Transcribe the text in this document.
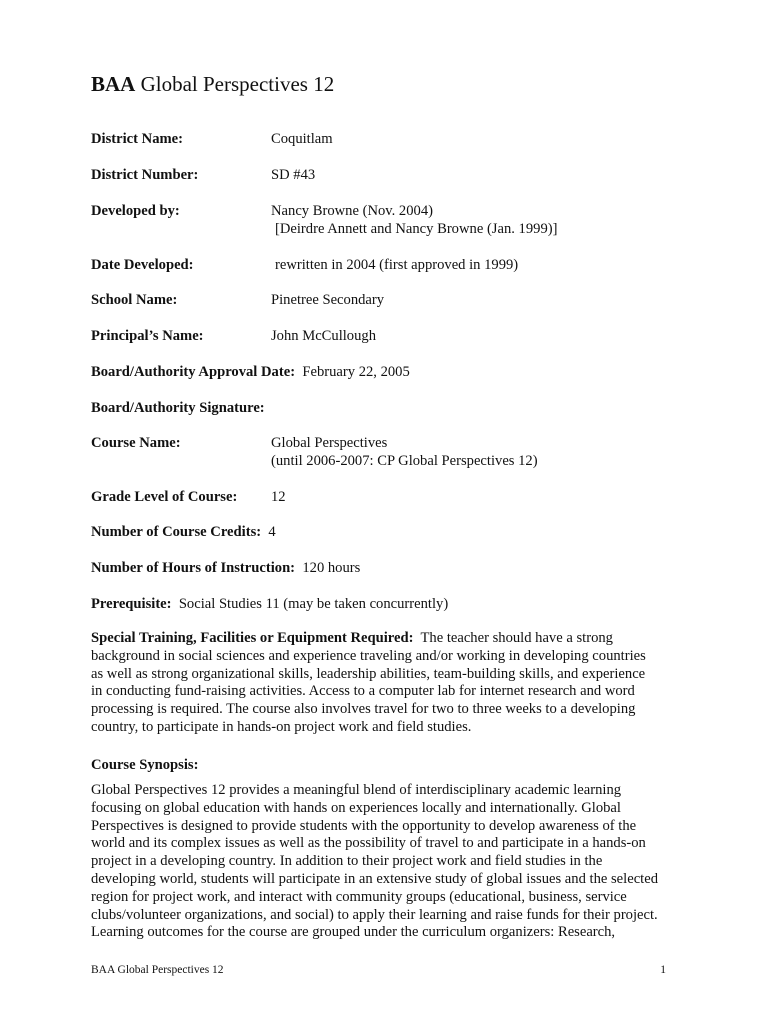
BAA Global Perspectives 12
District Name:	Coquitlam
District Number:	SD #43
Developed by:	Nancy Browne (Nov. 2004)
[Deirdre Annett and Nancy Browne (Jan. 1999)]
Date Developed:	rewritten in 2004 (first approved in 1999)
School Name:	Pinetree Secondary
Principal’s Name:	John McCullough
Board/Authority Approval Date: February 22, 2005
Board/Authority Signature:
Course Name:	Global Perspectives
(until 2006-2007: CP Global Perspectives 12)
Grade Level of Course: 12
Number of Course Credits: 4
Number of Hours of Instruction: 120 hours
Prerequisite: Social Studies 11 (may be taken concurrently)
Special Training, Facilities or Equipment Required: The teacher should have a strong
background in social sciences and experience traveling and/or working in developing countries
as well as strong organizational skills, leadership abilities, team-building skills, and experience
in conducting fund-raising activities. Access to a computer lab for internet research and word
processing is required. The course also involves travel for two to three weeks to a developing
country, to participate in hands-on project work and field studies.
Course Synopsis:
Global Perspectives 12 provides a meaningful blend of interdisciplinary academic learning
focusing on global education with hands on experiences locally and internationally. Global
Perspectives is designed to provide students with the opportunity to develop awareness of the
world and its complex issues as well as the possibility of travel to and participate in a hands-on
project in a developing country. In addition to their project work and field studies in the
developing world, students will participate in an extensive study of global issues and the selected
region for project work, and interact with community groups (educational, business, service
clubs/volunteer organizations, and social) to apply their learning and raise funds for their project.
Learning outcomes for the course are grouped under the curriculum organizers: Research,
BAA Global Perspectives 12	1
